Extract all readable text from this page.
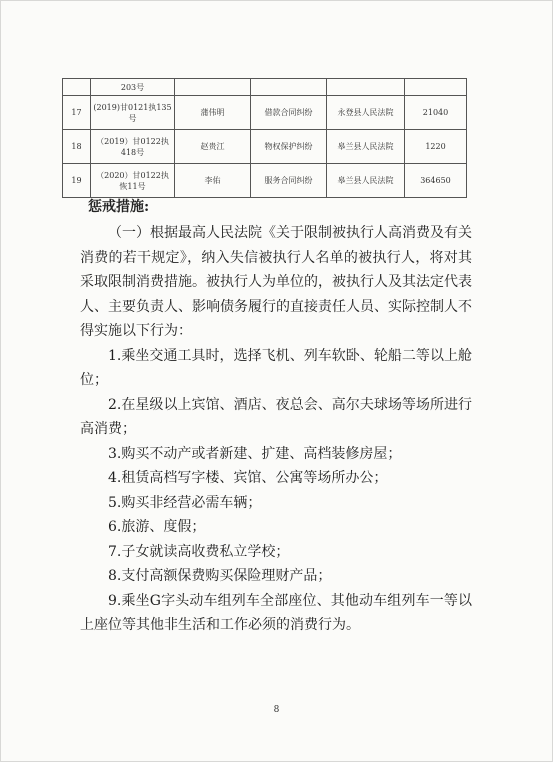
	203号				
17	(2019)甘0121执135号	蒲伟明	借款合同纠纷	永登县人民法院	21040
18	（2019）甘0122执418号	赵贵江	物权保护纠纷	皋兰县人民法院	1220
19	（2020）甘0122执恢11号	李佑	服务合同纠纷	皋兰县人民法院	364650
惩戒措施:

（一）根据最高人民法院《关于限制被执行人高消费及有关消费的若干规定》，纳入失信被执行人名单的被执行人，将对其采取限制消费措施。被执行人为单位的，被执行人及其法定代表人、主要负责人、影响债务履行的直接责任人员、实际控制人不得实施以下行为：

1.乘坐交通工具时，选择飞机、列车软卧、轮船二等以上舱位；

2.在星级以上宾馆、酒店、夜总会、高尔夫球场等场所进行高消费；

3.购买不动产或者新建、扩建、高档装修房屋；

4.租赁高档写字楼、宾馆、公寓等场所办公；

5.购买非经营必需车辆；

6.旅游、度假；

7.子女就读高收费私立学校；

8.支付高额保费购买保险理财产品；

9.乘坐G字头动车组列车全部座位、其他动车组列车一等以上座位等其他非生活和工作必须的消费行为。

8
